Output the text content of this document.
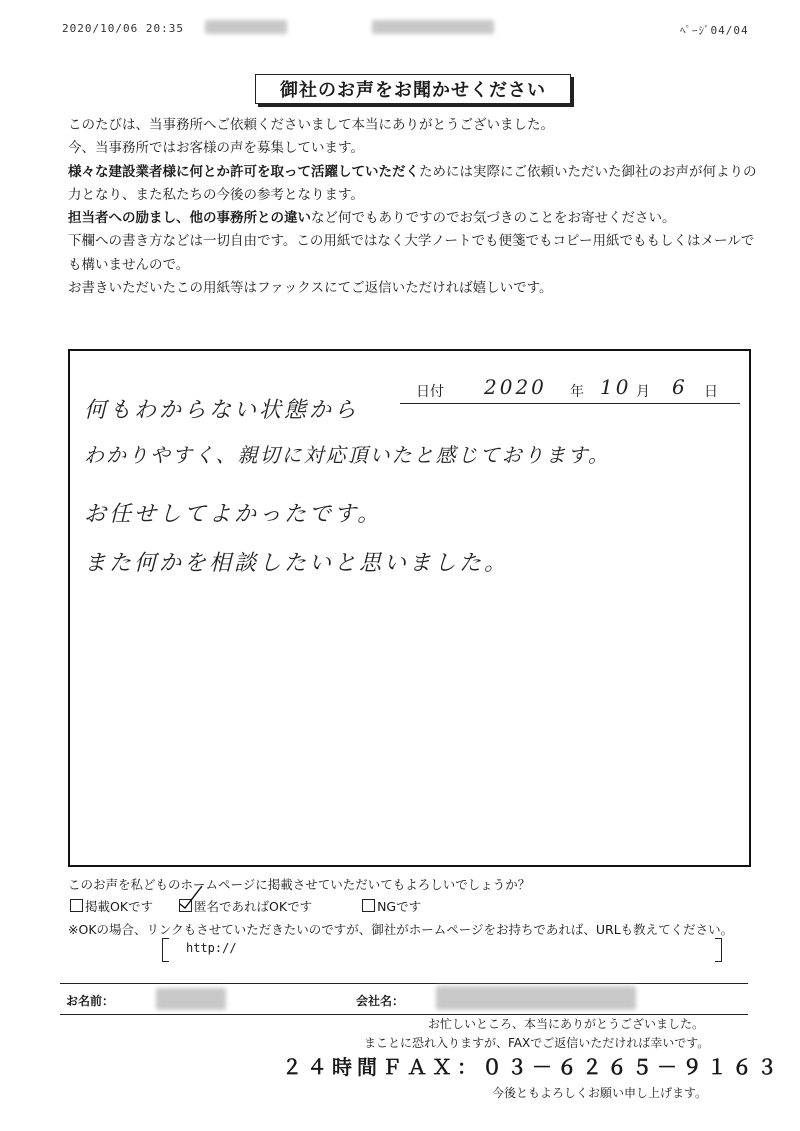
2020/10/06 20:35	ﾍﾟｰｼﾞ04/04
御社のお声をお聞かせください

このたびは、当事務所へご依頼くださいまして本当にありがとうございました。

今、当事務所ではお客様の声を募集しています。

様々な建設業者様に何とか許可を取って活躍していただくためには実際にご依頼いただいた御社のお声が何よりの力となり、また私たちの今後の参考となります。

担当者への励まし、他の事務所との違いなど何でもありですのでお気づきのことをお寄せください。

下欄への書き方などは一切自由です。この用紙ではなく大学ノートでも便箋でもコピー用紙でももしくはメールでも構いませんので。

お書きいただいたこの用紙等はファックスにてご返信いただければ嬉しいです。

日付 2020 年 10 月 6 日
何もわからない状態から
わかりやすく、親切に対応頂いたと感じております。
お任せしてよかったです。
また何かを相談したいと思いました。
このお声を私どものホームページに掲載させていただいてもよろしいでしょうか？
掲載OKです	匿名であればOKです	NGです
※OKの場合、リンクもさせていただきたいのですが、御社がホームページをお持ちであれば、URLも教えてください。
http://
お名前：	会社名：
お忙しいところ、本当にありがとうございました。
まことに恐れ入りますが、FAXでご返信いただければ幸いです。
２４時間ＦＡＸ：０３－６２６５－９１６３
今後ともよろしくお願い申し上げます。
